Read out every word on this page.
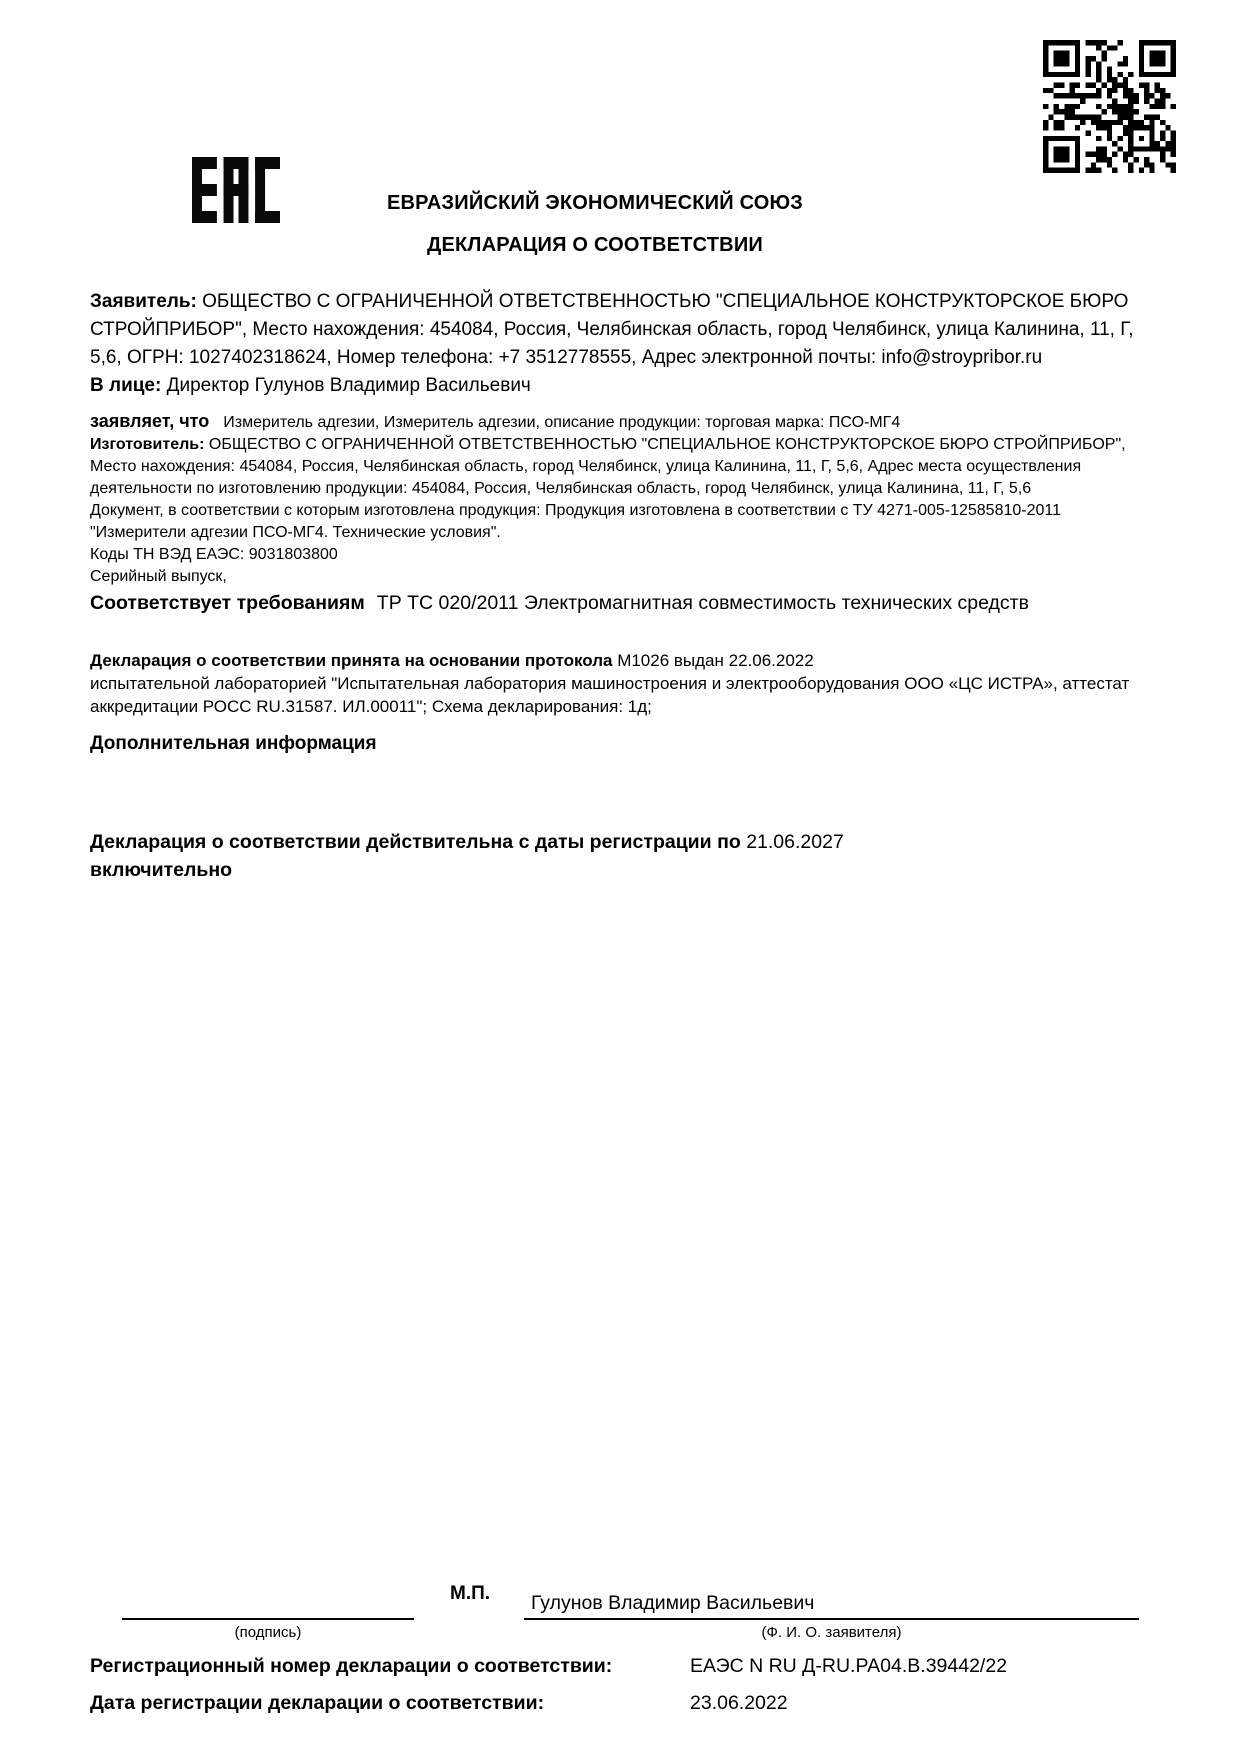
ЕВРАЗИЙСКИЙ ЭКОНОМИЧЕСКИЙ СОЮЗ
ДЕКЛАРАЦИЯ О СООТВЕТСТВИИ

Заявитель: ОБЩЕСТВО С ОГРАНИЧЕННОЙ ОТВЕТСТВЕННОСТЬЮ "СПЕЦИАЛЬНОЕ КОНСТРУКТОРСКОЕ БЮРО СТРОЙПРИБОР", Место нахождения: 454084, Россия, Челябинская область, город Челябинск, улица Калинина, 11, Г, 5,6, ОГРН: 1027402318624, Номер телефона: +7 3512778555, Адрес электронной почты: info@stroypribor.ru

В лице: Директор Гулунов Владимир Васильевич

заявляет, что Измеритель адгезии, Измеритель адгезии, описание продукции: торговая марка: ПСО-МГ4

Изготовитель: ОБЩЕСТВО С ОГРАНИЧЕННОЙ ОТВЕТСТВЕННОСТЬЮ "СПЕЦИАЛЬНОЕ КОНСТРУКТОРСКОЕ БЮРО СТРОЙПРИБОР", Место нахождения: 454084, Россия, Челябинская область, город Челябинск, улица Калинина, 11, Г, 5,6, Адрес места осуществления деятельности по изготовлению продукции: 454084, Россия, Челябинская область, город Челябинск, улица Калинина, 11, Г, 5,6

Документ, в соответствии с которым изготовлена продукция: Продукция изготовлена в соответствии с ТУ 4271-005-12585810-2011 "Измерители адгезии ПСО-МГ4. Технические условия".

Коды ТН ВЭД ЕАЭС: 9031803800

Серийный выпуск,

Соответствует требованиям ТР ТС 020/2011 Электромагнитная совместимость технических средств

Декларация о соответствии принята на основании протокола М1026 выдан 22.06.2022
испытательной лабораторией "Испытательная лаборатория машиностроения и электрооборудования ООО «ЦС ИСТРА», аттестат аккредитации РОСС RU.31587. ИЛ.00011"; Схема декларирования: 1д;

Дополнительная информация

Декларация о соответствии действительна с даты регистрации по 21.06.2027
включительно

М.П. Гулунов Владимир Васильевич
(подпись)	(Ф. И. О. заявителя)
Регистрационный номер декларации о соответствии:	ЕАЭС N RU Д-RU.РА04.В.39442/22
Дата регистрации декларации о соответствии:	23.06.2022
